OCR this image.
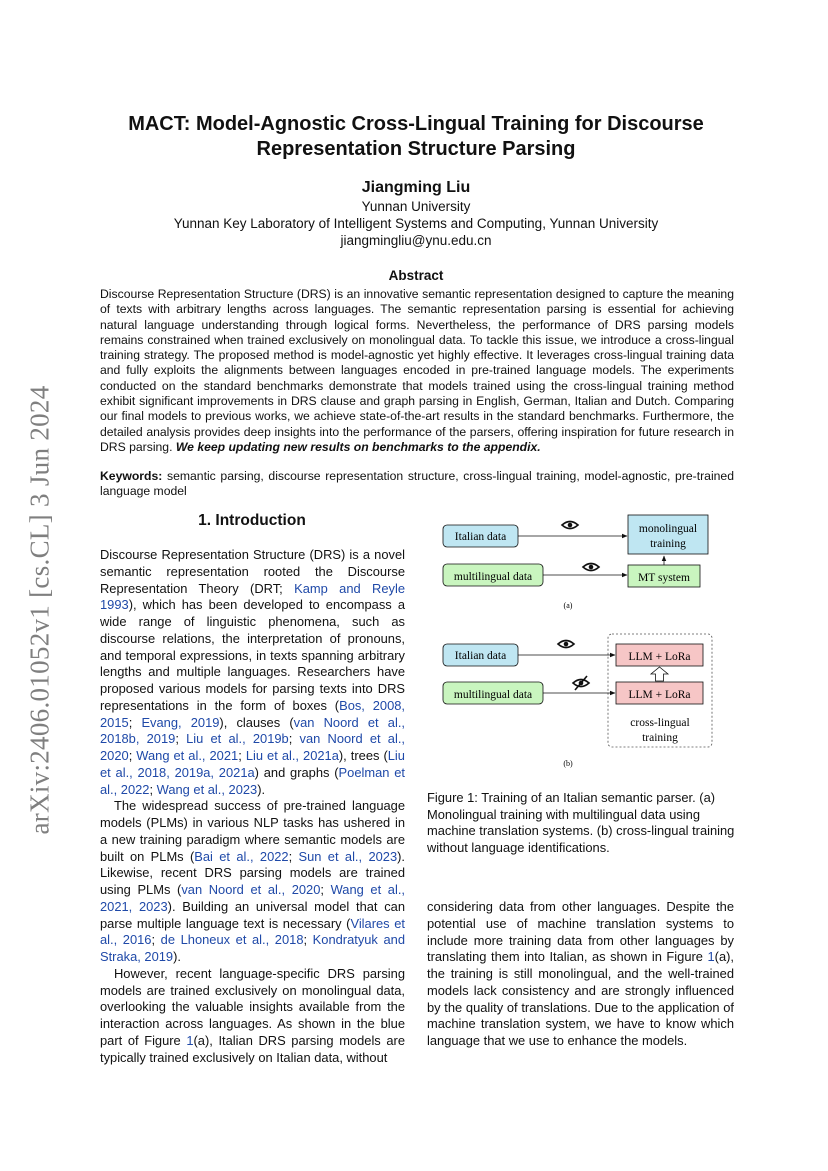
arXiv:2406.01052v1 [cs.CL] 3 Jun 2024
MACT: Model-Agnostic Cross-Lingual Training for Discourse Representation Structure Parsing
Jiangming Liu
Yunnan University
Yunnan Key Laboratory of Intelligent Systems and Computing, Yunnan University
jiangmingliu@ynu.edu.cn
Abstract
Discourse Representation Structure (DRS) is an innovative semantic representation designed to capture the meaning of texts with arbitrary lengths across languages. The semantic representation parsing is essential for achieving natural language understanding through logical forms. Nevertheless, the performance of DRS parsing models remains constrained when trained exclusively on monolingual data. To tackle this issue, we introduce a cross-lingual training strategy. The proposed method is model-agnostic yet highly effective. It leverages cross-lingual training data and fully exploits the alignments between languages encoded in pre-trained language models. The experiments conducted on the standard benchmarks demonstrate that models trained using the cross-lingual training method exhibit significant improvements in DRS clause and graph parsing in English, German, Italian and Dutch. Comparing our final models to previous works, we achieve state-of-the-art results in the standard benchmarks. Furthermore, the detailed analysis provides deep insights into the performance of the parsers, offering inspiration for future research in DRS parsing. We keep updating new results on benchmarks to the appendix.
Keywords: semantic parsing, discourse representation structure, cross-lingual training, model-agnostic, pre-trained language model
1. Introduction

Discourse Representation Structure (DRS) is a novel semantic representation rooted the Discourse Representation Theory (DRT; Kamp and Reyle 1993), which has been developed to encompass a wide range of linguistic phenomena, such as discourse relations, the interpretation of pronouns, and temporal expressions, in texts spanning arbitrary lengths and multiple languages. Researchers have proposed various models for parsing texts into DRS representations in the form of boxes (Bos, 2008, 2015; Evang, 2019), clauses (van Noord et al., 2018b, 2019; Liu et al., 2019b; van Noord et al., 2020; Wang et al., 2021; Liu et al., 2021a), trees (Liu et al., 2018, 2019a, 2021a) and graphs (Poelman et al., 2022; Wang et al., 2023).

The widespread success of pre-trained language models (PLMs) in various NLP tasks has ushered in a new training paradigm where semantic models are built on PLMs (Bai et al., 2022; Sun et al., 2023). Likewise, recent DRS parsing models are trained using PLMs (van Noord et al., 2020; Wang et al., 2021, 2023). Building an universal model that can parse multiple language text is necessary (Vilares et al., 2016; de Lhoneux et al., 2018; Kondratyuk and Straka, 2019).

However, recent language-specific DRS parsing models are trained exclusively on monolingual data, overlooking the valuable insights available from the interaction across languages. As shown in the blue part of Figure 1(a), Italian DRS parsing models are typically trained exclusively on Italian data, without

Italian data
multilingual data
monolingual
training
MT system
(a)
Italian data
multilingual data
LLM + LoRa
LLM + LoRa
cross-lingual
training
(b)
Figure 1: Training of an Italian semantic parser. (a) Monolingual training with multilingual data using machine translation systems. (b) cross-lingual training without language identifications.

considering data from other languages. Despite the potential use of machine translation systems to include more training data from other languages by translating them into Italian, as shown in Figure 1(a), the training is still monolingual, and the well-trained models lack consistency and are strongly influenced by the quality of translations. Due to the application of machine translation system, we have to know which language that we use to enhance the models.
